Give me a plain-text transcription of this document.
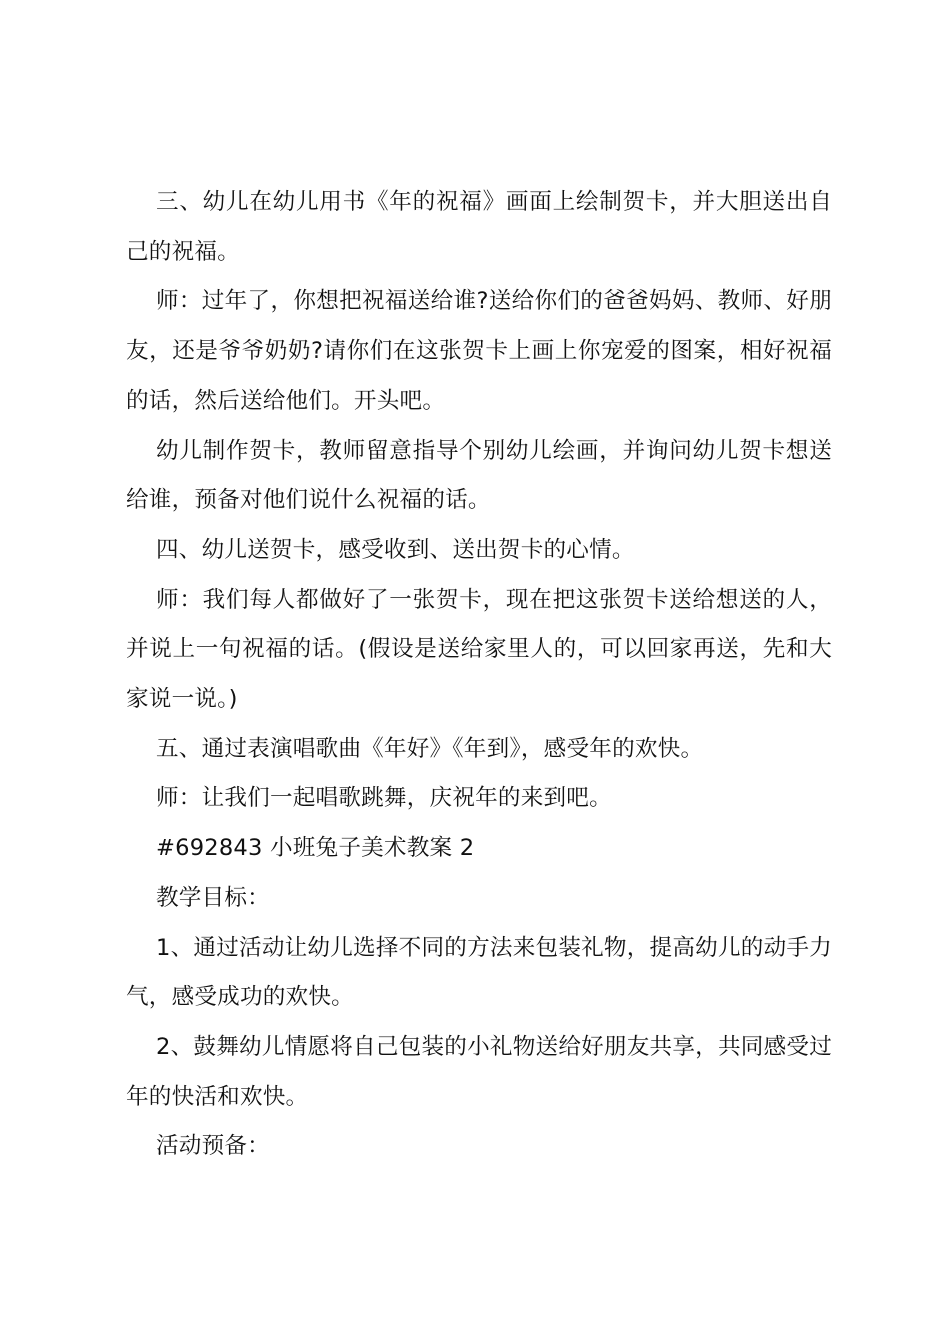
三、幼儿在幼儿用书《年的祝福》画面上绘制贺卡，并大胆送出自己的祝福。

师：过年了，你想把祝福送给谁?送给你们的爸爸妈妈、教师、好朋友，还是爷爷奶奶?请你们在这张贺卡上画上你宠爱的图案，相好祝福的话，然后送给他们。开头吧。

幼儿制作贺卡，教师留意指导个别幼儿绘画，并询问幼儿贺卡想送给谁，预备对他们说什么祝福的话。

四、幼儿送贺卡，感受收到、送出贺卡的心情。

师：我们每人都做好了一张贺卡，现在把这张贺卡送给想送的人，并说上一句祝福的话。(假设是送给家里人的，可以回家再送，先和大家说一说。)

五、通过表演唱歌曲《年好》《年到》，感受年的欢快。

师：让我们一起唱歌跳舞，庆祝年的来到吧。

#692843 小班兔子美术教案 2

教学目标：

1、通过活动让幼儿选择不同的方法来包装礼物，提高幼儿的动手力气，感受成功的欢快。

2、鼓舞幼儿情愿将自己包装的小礼物送给好朋友共享，共同感受过年的快活和欢快。

活动预备：
